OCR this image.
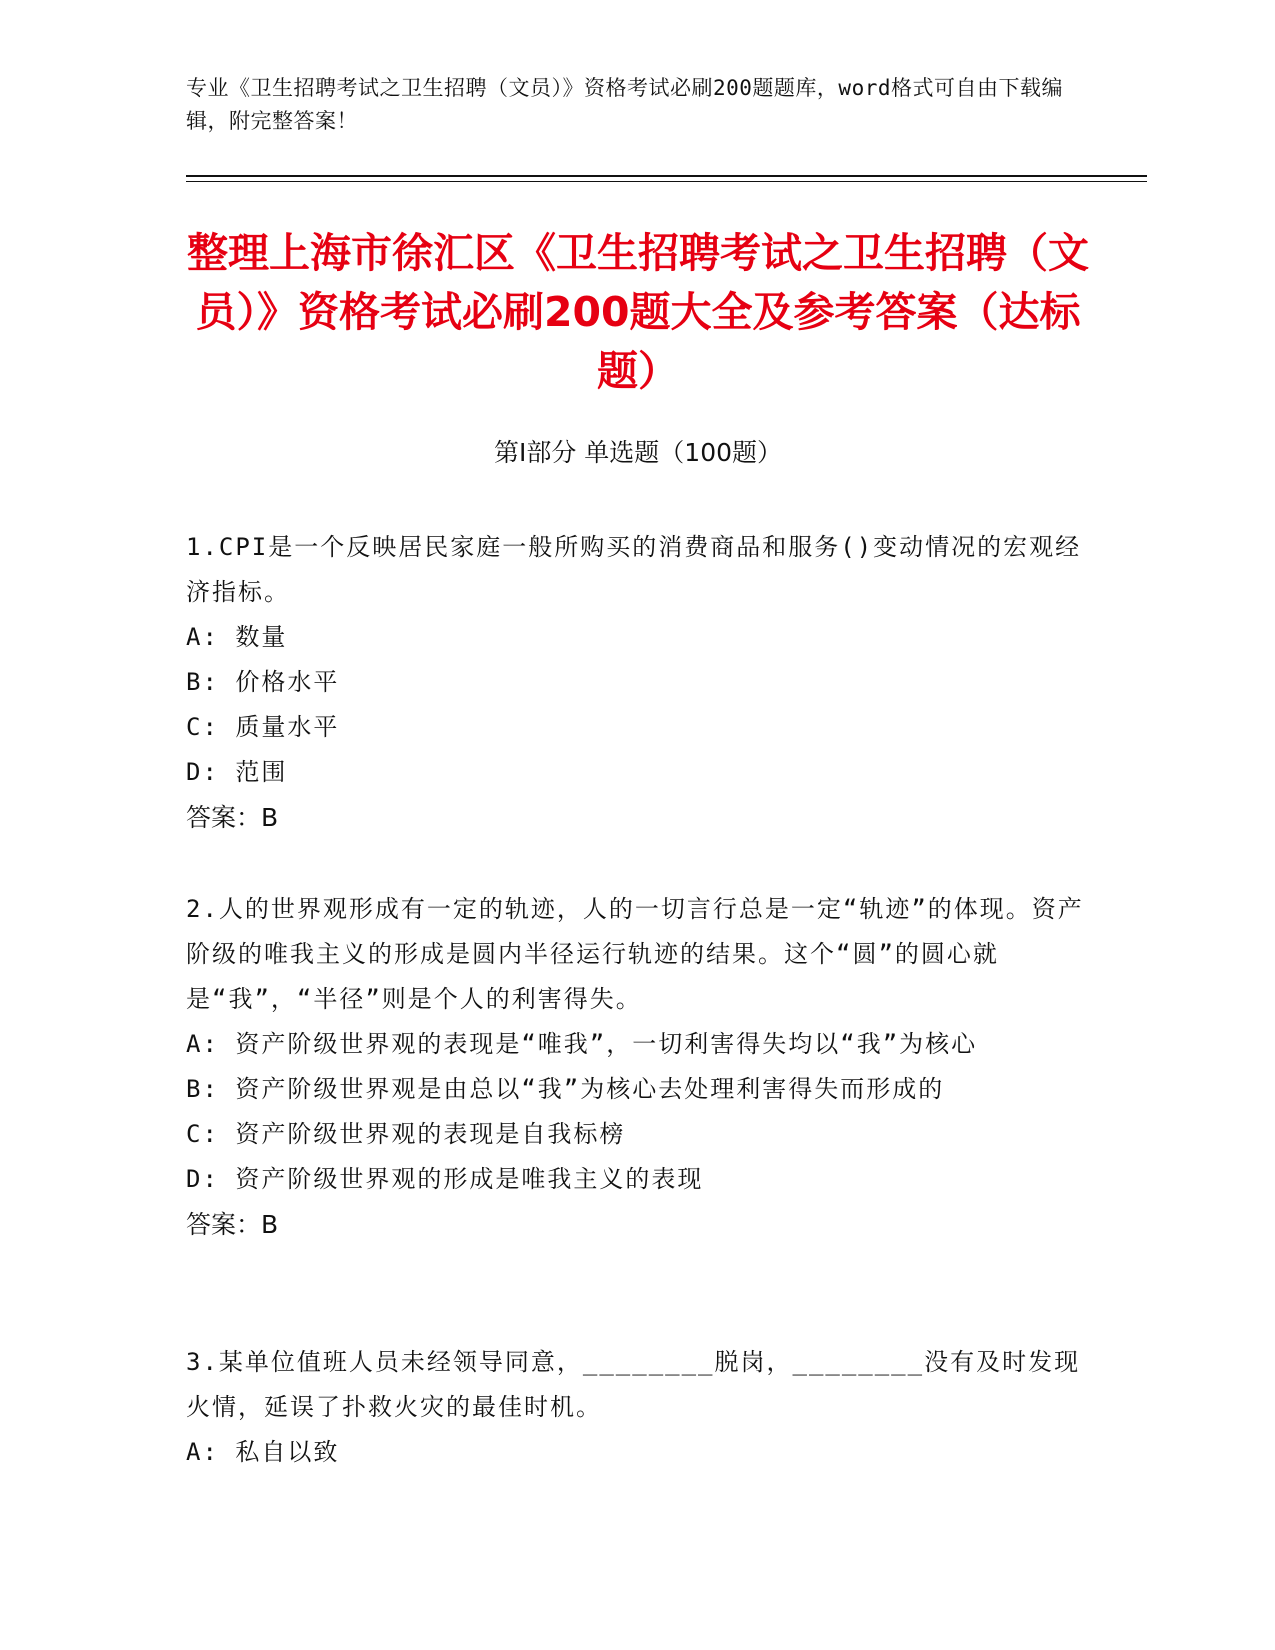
专业《卫生招聘考试之卫生招聘（文员）》资格考试必刷200题题库，word格式可自由下载编辑，附完整答案！
整理上海市徐汇区《卫生招聘考试之卫生招聘（文员）》资格考试必刷200题大全及参考答案（达标题）
第I部分 单选题（100题）
1.CPI是一个反映居民家庭一般所购买的消费商品和服务()变动情况的宏观经济指标。
A: 数量
B: 价格水平
C: 质量水平
D: 范围
答案：B
2.人的世界观形成有一定的轨迹，人的一切言行总是一定“轨迹”的体现。资产阶级的唯我主义的形成是圆内半径运行轨迹的结果。这个“圆”的圆心就是“我”，“半径”则是个人的利害得失。
A: 资产阶级世界观的表现是“唯我”，一切利害得失均以“我”为核心
B: 资产阶级世界观是由总以“我”为核心去处理利害得失而形成的
C: 资产阶级世界观的表现是自我标榜
D: 资产阶级世界观的形成是唯我主义的表现
答案：B
3.某单位值班人员未经领导同意，________脱岗，________没有及时发现火情，延误了扑救火灾的最佳时机。
A: 私自以致
